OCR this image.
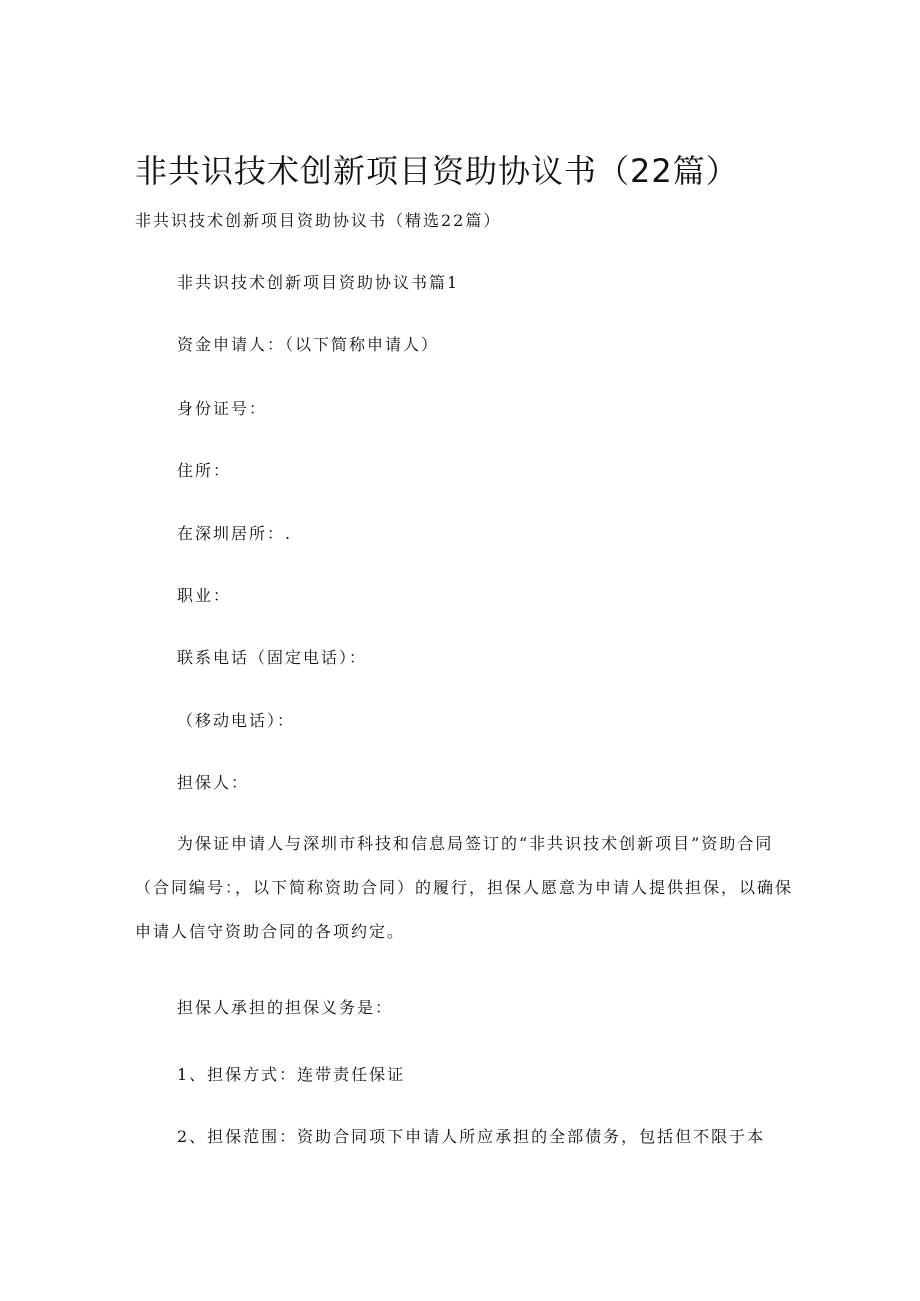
非共识技术创新项目资助协议书（22篇）

非共识技术创新项目资助协议书（精选22篇）

非共识技术创新项目资助协议书篇1

资金申请人：（以下简称申请人）

身份证号：

住所：

在深圳居所：.

职业：

联系电话（固定电话）：

（移动电话）：

担保人：

为保证申请人与深圳市科技和信息局签订的“非共识技术创新项目”资助合同（合同编号：，以下简称资助合同）的履行，担保人愿意为申请人提供担保，以确保申请人信守资助合同的各项约定。

担保人承担的担保义务是：

1、担保方式：连带责任保证

2、担保范围：资助合同项下申请人所应承担的全部债务，包括但不限于本
